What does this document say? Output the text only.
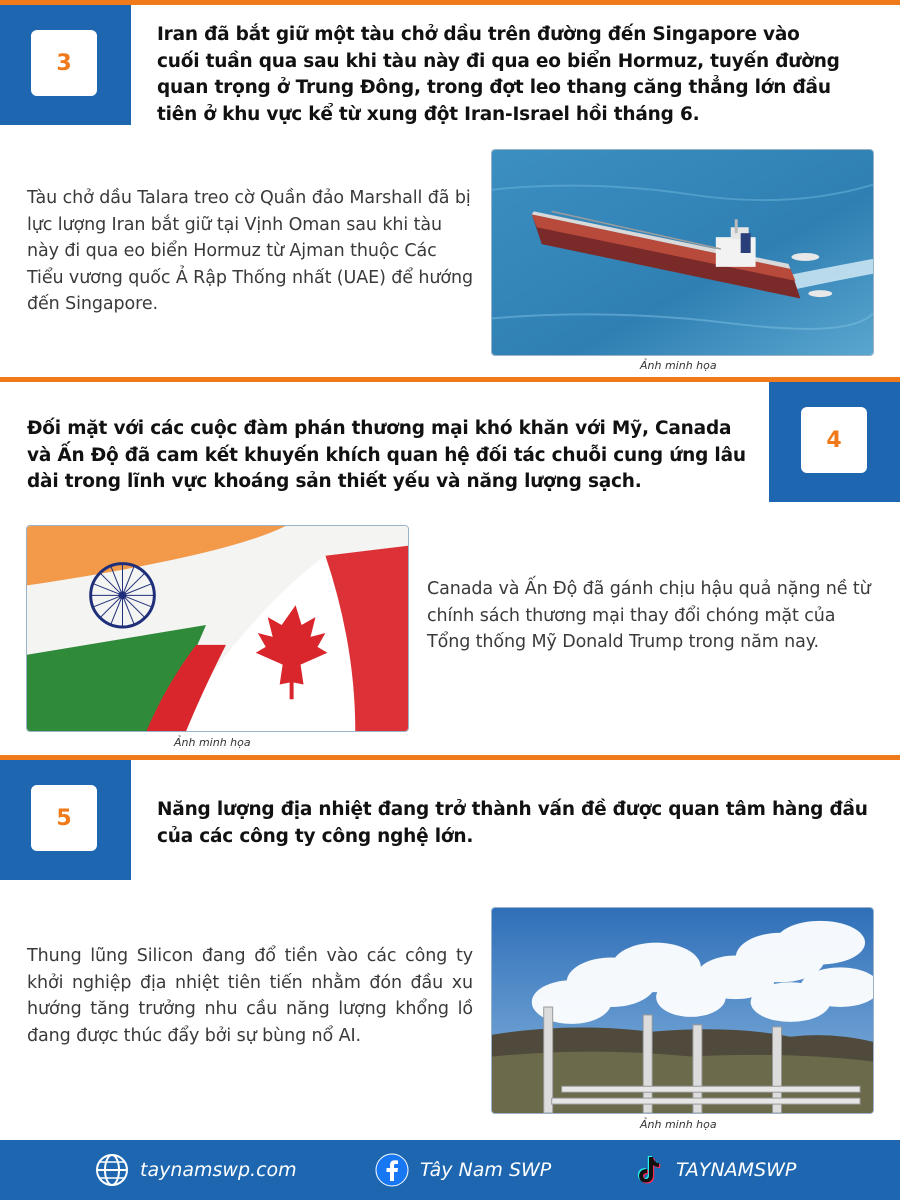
3
Iran đã bắt giữ một tàu chở dầu trên đường đến Singapore vào cuối tuần qua sau khi tàu này đi qua eo biển Hormuz, tuyến đường quan trọng ở Trung Đông, trong đợt leo thang căng thẳng lớn đầu tiên ở khu vực kể từ xung đột Iran-Israel hồi tháng 6.
Tàu chở dầu Talara treo cờ Quần đảo Marshall đã bị lực lượng Iran bắt giữ tại Vịnh Oman sau khi tàu này đi qua eo biển Hormuz từ Ajman thuộc Các Tiểu vương quốc Ả Rập Thống nhất (UAE) để hướng đến Singapore.
Ảnh minh họa
4
Đối mặt với các cuộc đàm phán thương mại khó khăn với Mỹ, Canada và Ấn Độ đã cam kết khuyến khích quan hệ đối tác chuỗi cung ứng lâu dài trong lĩnh vực khoáng sản thiết yếu và năng lượng sạch.
Ảnh minh họa
Canada và Ấn Độ đã gánh chịu hậu quả nặng nề từ chính sách thương mại thay đổi chóng mặt của Tổng thống Mỹ Donald Trump trong năm nay.
5	Năng lượng địa nhiệt đang trở thành vấn đề được quan tâm hàng đầu của các công ty công nghệ lớn.
Thung lũng Silicon đang đổ tiền vào các công ty khởi nghiệp địa nhiệt tiên tiến nhằm đón đầu xu hướng tăng trưởng nhu cầu năng lượng khổng lồ đang được thúc đẩy bởi sự bùng nổ AI.
Ảnh minh họa
taynamswp.com	Tây Nam SWP	TAYNAMSWP
